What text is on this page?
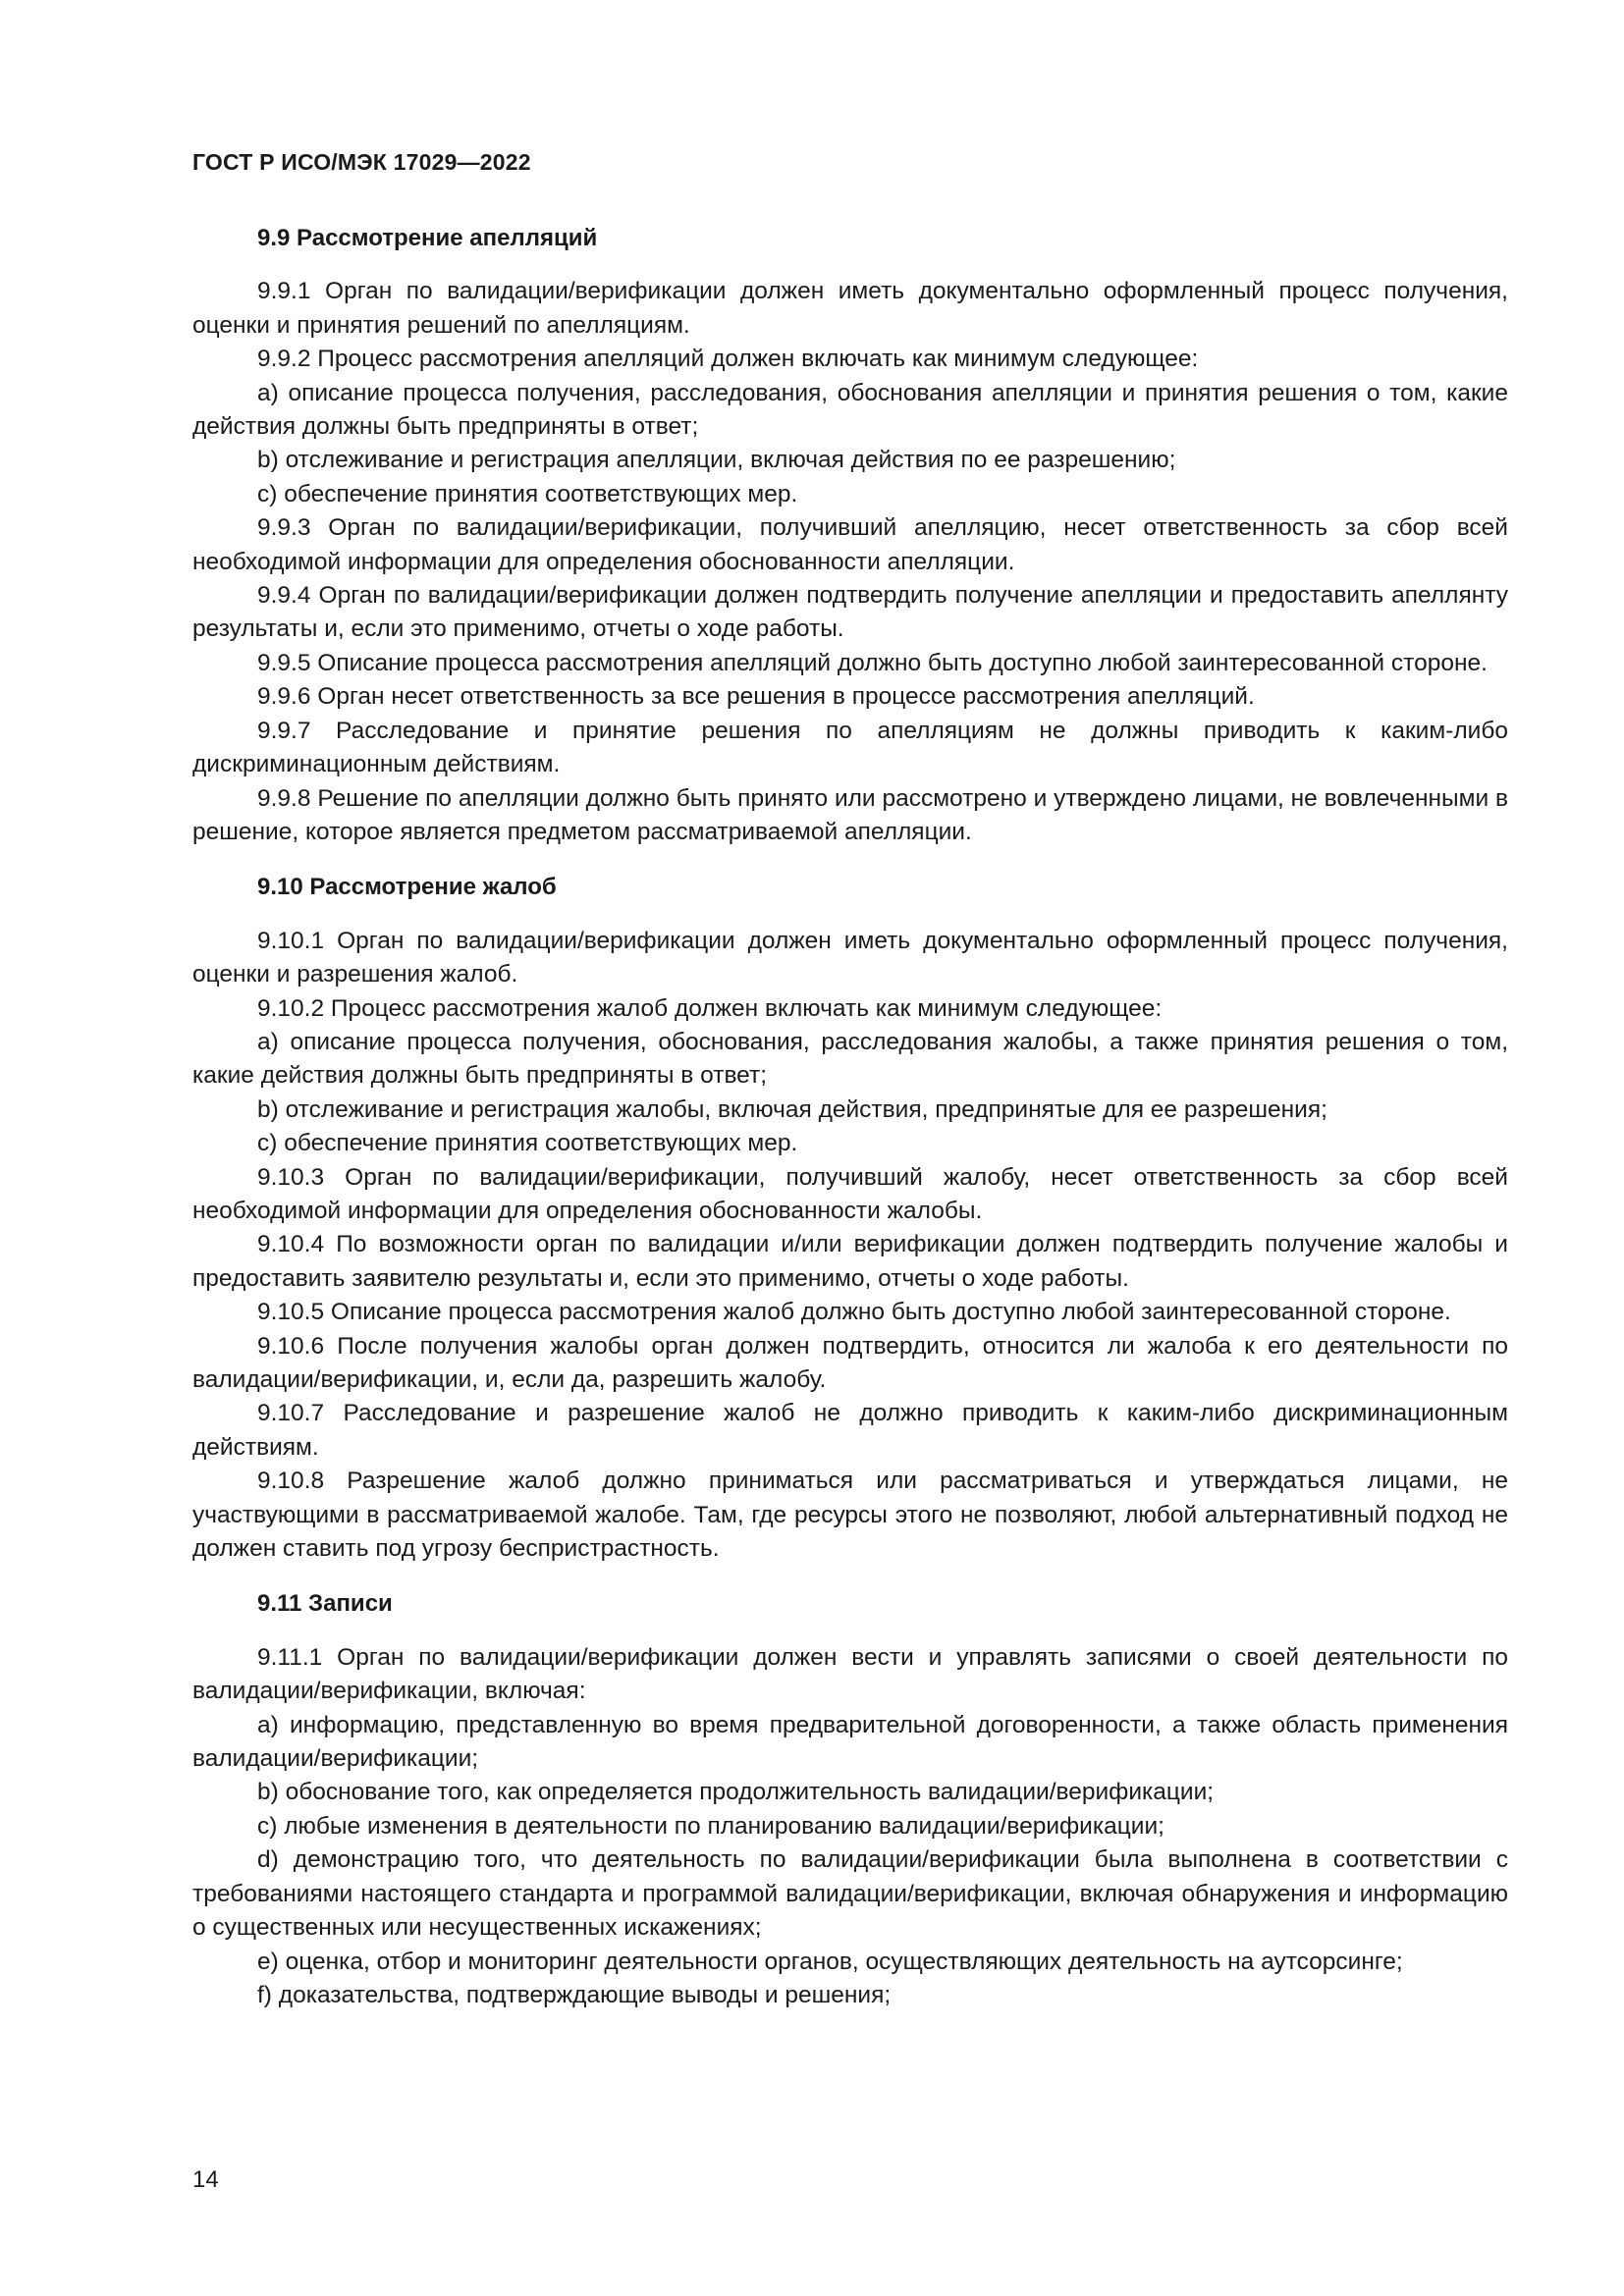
ГОСТ Р ИСО/МЭК 17029—2022
9.9 Рассмотрение апелляций

9.9.1 Орган по валидации/верификации должен иметь документально оформленный процесс получения, оценки и принятия решений по апелляциям.

9.9.2 Процесс рассмотрения апелляций должен включать как минимум следующее:

a) описание процесса получения, расследования, обоснования апелляции и принятия решения о том, какие действия должны быть предприняты в ответ;

b) отслеживание и регистрация апелляции, включая действия по ее разрешению;

c) обеспечение принятия соответствующих мер.

9.9.3 Орган по валидации/верификации, получивший апелляцию, несет ответственность за сбор всей необходимой информации для определения обоснованности апелляции.

9.9.4 Орган по валидации/верификации должен подтвердить получение апелляции и предоставить апеллянту результаты и, если это применимо, отчеты о ходе работы.

9.9.5 Описание процесса рассмотрения апелляций должно быть доступно любой заинтересованной стороне.

9.9.6 Орган несет ответственность за все решения в процессе рассмотрения апелляций.

9.9.7 Расследование и принятие решения по апелляциям не должны приводить к каким-либо дискриминационным действиям.

9.9.8 Решение по апелляции должно быть принято или рассмотрено и утверждено лицами, не вовлеченными в решение, которое является предметом рассматриваемой апелляции.

9.10 Рассмотрение жалоб

9.10.1 Орган по валидации/верификации должен иметь документально оформленный процесс получения, оценки и разрешения жалоб.

9.10.2 Процесс рассмотрения жалоб должен включать как минимум следующее:

a) описание процесса получения, обоснования, расследования жалобы, а также принятия решения о том, какие действия должны быть предприняты в ответ;

b) отслеживание и регистрация жалобы, включая действия, предпринятые для ее разрешения;

c) обеспечение принятия соответствующих мер.

9.10.3 Орган по валидации/верификации, получивший жалобу, несет ответственность за сбор всей необходимой информации для определения обоснованности жалобы.

9.10.4 По возможности орган по валидации и/или верификации должен подтвердить получение жалобы и предоставить заявителю результаты и, если это применимо, отчеты о ходе работы.

9.10.5 Описание процесса рассмотрения жалоб должно быть доступно любой заинтересованной стороне.

9.10.6 После получения жалобы орган должен подтвердить, относится ли жалоба к его деятельности по валидации/верификации, и, если да, разрешить жалобу.

9.10.7 Расследование и разрешение жалоб не должно приводить к каким-либо дискриминационным действиям.

9.10.8 Разрешение жалоб должно приниматься или рассматриваться и утверждаться лицами, не участвующими в рассматриваемой жалобе. Там, где ресурсы этого не позволяют, любой альтернативный подход не должен ставить под угрозу беспристрастность.

9.11 Записи

9.11.1 Орган по валидации/верификации должен вести и управлять записями о своей деятельности по валидации/верификации, включая:

a) информацию, представленную во время предварительной договоренности, а также область применения валидации/верификации;

b) обоснование того, как определяется продолжительность валидации/верификации;

c) любые изменения в деятельности по планированию валидации/верификации;

d) демонстрацию того, что деятельность по валидации/верификации была выполнена в соответствии с требованиями настоящего стандарта и программой валидации/верификации, включая обнаружения и информацию о существенных или несущественных искажениях;

e) оценка, отбор и мониторинг деятельности органов, осуществляющих деятельность на аутсорсинге;

f) доказательства, подтверждающие выводы и решения;

14
